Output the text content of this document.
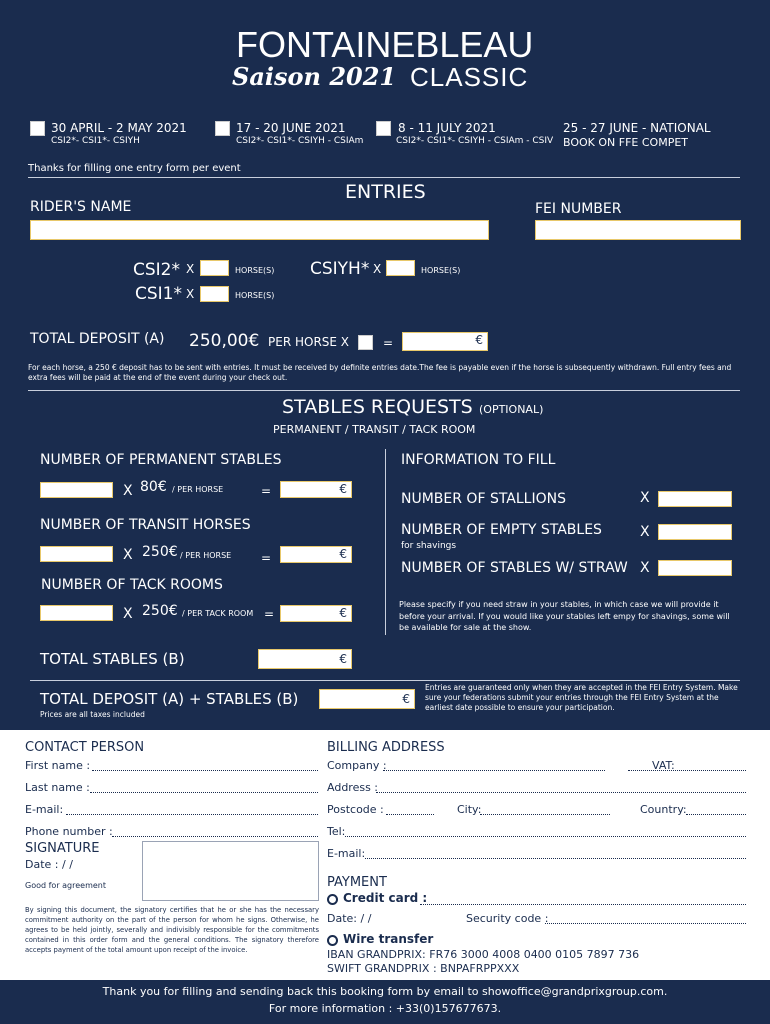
FONTAINEBLEAU
Saison 2021 CLASSIC
30 APRIL - 2 MAY 2021
CSI2*- CSI1*- CSIYH
17 - 20 JUNE 2021
CSI2*- CSI1*- CSIYH - CSIAm
8 - 11 JULY 2021
CSI2*- CSI1*- CSIYH - CSIAm - CSIV
25 - 27 JUNE - NATIONAL
BOOK ON FFE COMPET
Thanks for filling one entry form per event
ENTRIES
RIDER'S NAME	FEI NUMBER
CSI2* X	HORSE(S) CSIYH* X	HORSE(S)
CSI1* X	HORSE(S)
TOTAL DEPOSIT (A) 250,00€ PER HORSE X	=	€
For each horse, a 250 € deposit has to be sent with entries. It must be received by definite entries date.The fee is payable even if the horse is subsequently withdrawn. Full entry fees and extra fees will be paid at the end of the event during your check out.
STABLES REQUESTS (OPTIONAL)
PERMANENT / TRANSIT / TACK ROOM
NUMBER OF PERMANENT STABLES
X 80€ / PER HORSE	=	€
NUMBER OF TRANSIT HORSES
X 250€ / PER HORSE =	€
NUMBER OF TACK ROOMS
X 250€ / PER TACK ROOM =	€
INFORMATION TO FILL
NUMBER OF STALLIONS	X
NUMBER OF EMPTY STABLES
for shavings
X
NUMBER OF STABLES W/ STRAW X
Please specify if you need straw in your stables, in which case we will provide it before your arrival. If you would like your stables left empy for shavings, some will be available for sale at the show.
TOTAL STABLES (B)	€
TOTAL DEPOSIT (A) + STABLES (B)	€
Prices are all taxes included
Entries are guaranteed only when they are accepted in the FEI Entry System. Make sure your federations submit your entries through the FEI Entry System at the earliest date possible to ensure your participation.
CONTACT PERSON
First name :
Last name :
E-mail:
Phone number :
SIGNATURE
Date : / /
Good for agreement
By signing this document, the signatory certifies that he or she has the necessary commitment authority on the part of the person for whom he signs. Otherwise, he agrees to be held jointly, severally and indivisibly responsible for the commitments contained in this order form and the general conditions. The signatory therefore accepts payment of the total amount upon receipt of the invoice.
BILLING ADDRESS
Company :	VAT:
Address :
Postcode :	City:	Country:
Tel:
E-mail:
PAYMENT
Credit card :
Date: / /	Security code :
Wire transfer
IBAN GRANDPRIX: FR76 3000 4008 0400 0105 7897 736
SWIFT GRANDPRIX : BNPAFRPPXXX
Thank you for filling and sending back this booking form by email to showoffice@grandprixgroup.com.
For more information : +33(0)157677673.
